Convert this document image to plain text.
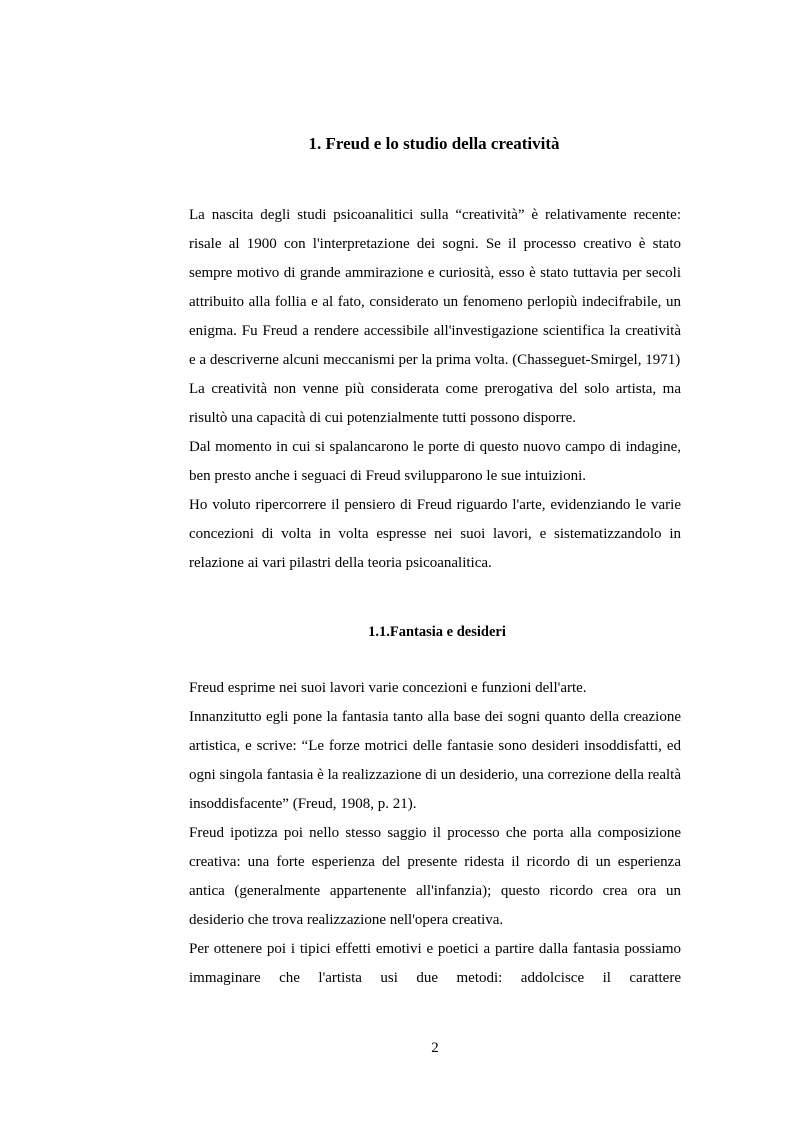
1. Freud e lo studio della creatività

La nascita degli studi psicoanalitici sulla “creatività” è relativamente recente: risale al 1900 con l'interpretazione dei sogni. Se il processo creativo è stato sempre motivo di grande ammirazione e curiosità, esso è stato tuttavia per secoli attribuito alla follia e al fato, considerato un fenomeno perlopiù indecifrabile, un enigma. Fu Freud a rendere accessibile all'investigazione scientifica la creatività e a descriverne alcuni meccanismi per la prima volta. (Chasseguet-Smirgel, 1971)

La creatività non venne più considerata come prerogativa del solo artista, ma risultò una capacità di cui potenzialmente tutti possono disporre.

Dal momento in cui si spalancarono le porte di questo nuovo campo di indagine, ben presto anche i seguaci di Freud svilupparono le sue intuizioni.

Ho voluto ripercorrere il pensiero di Freud riguardo l'arte, evidenziando le varie concezioni di volta in volta espresse nei suoi lavori, e sistematizzandolo in relazione ai vari pilastri della teoria psicoanalitica.

1.1.Fantasia e desideri

Freud esprime nei suoi lavori varie concezioni e funzioni dell'arte.

Innanzitutto egli pone la fantasia tanto alla base dei sogni quanto della creazione artistica, e scrive: “Le forze motrici delle fantasie sono desideri insoddisfatti, ed ogni singola fantasia è la realizzazione di un desiderio, una correzione della realtà insoddisfacente” (Freud, 1908, p. 21).

Freud ipotizza poi nello stesso saggio il processo che porta alla composizione creativa: una forte esperienza del presente ridesta il ricordo di un esperienza antica (generalmente appartenente all'infanzia); questo ricordo crea ora un desiderio che trova realizzazione nell'opera creativa.

Per ottenere poi i tipici effetti emotivi e poetici a partire dalla fantasia possiamo immaginare che l'artista usi due metodi: addolcisce il carattere

2
